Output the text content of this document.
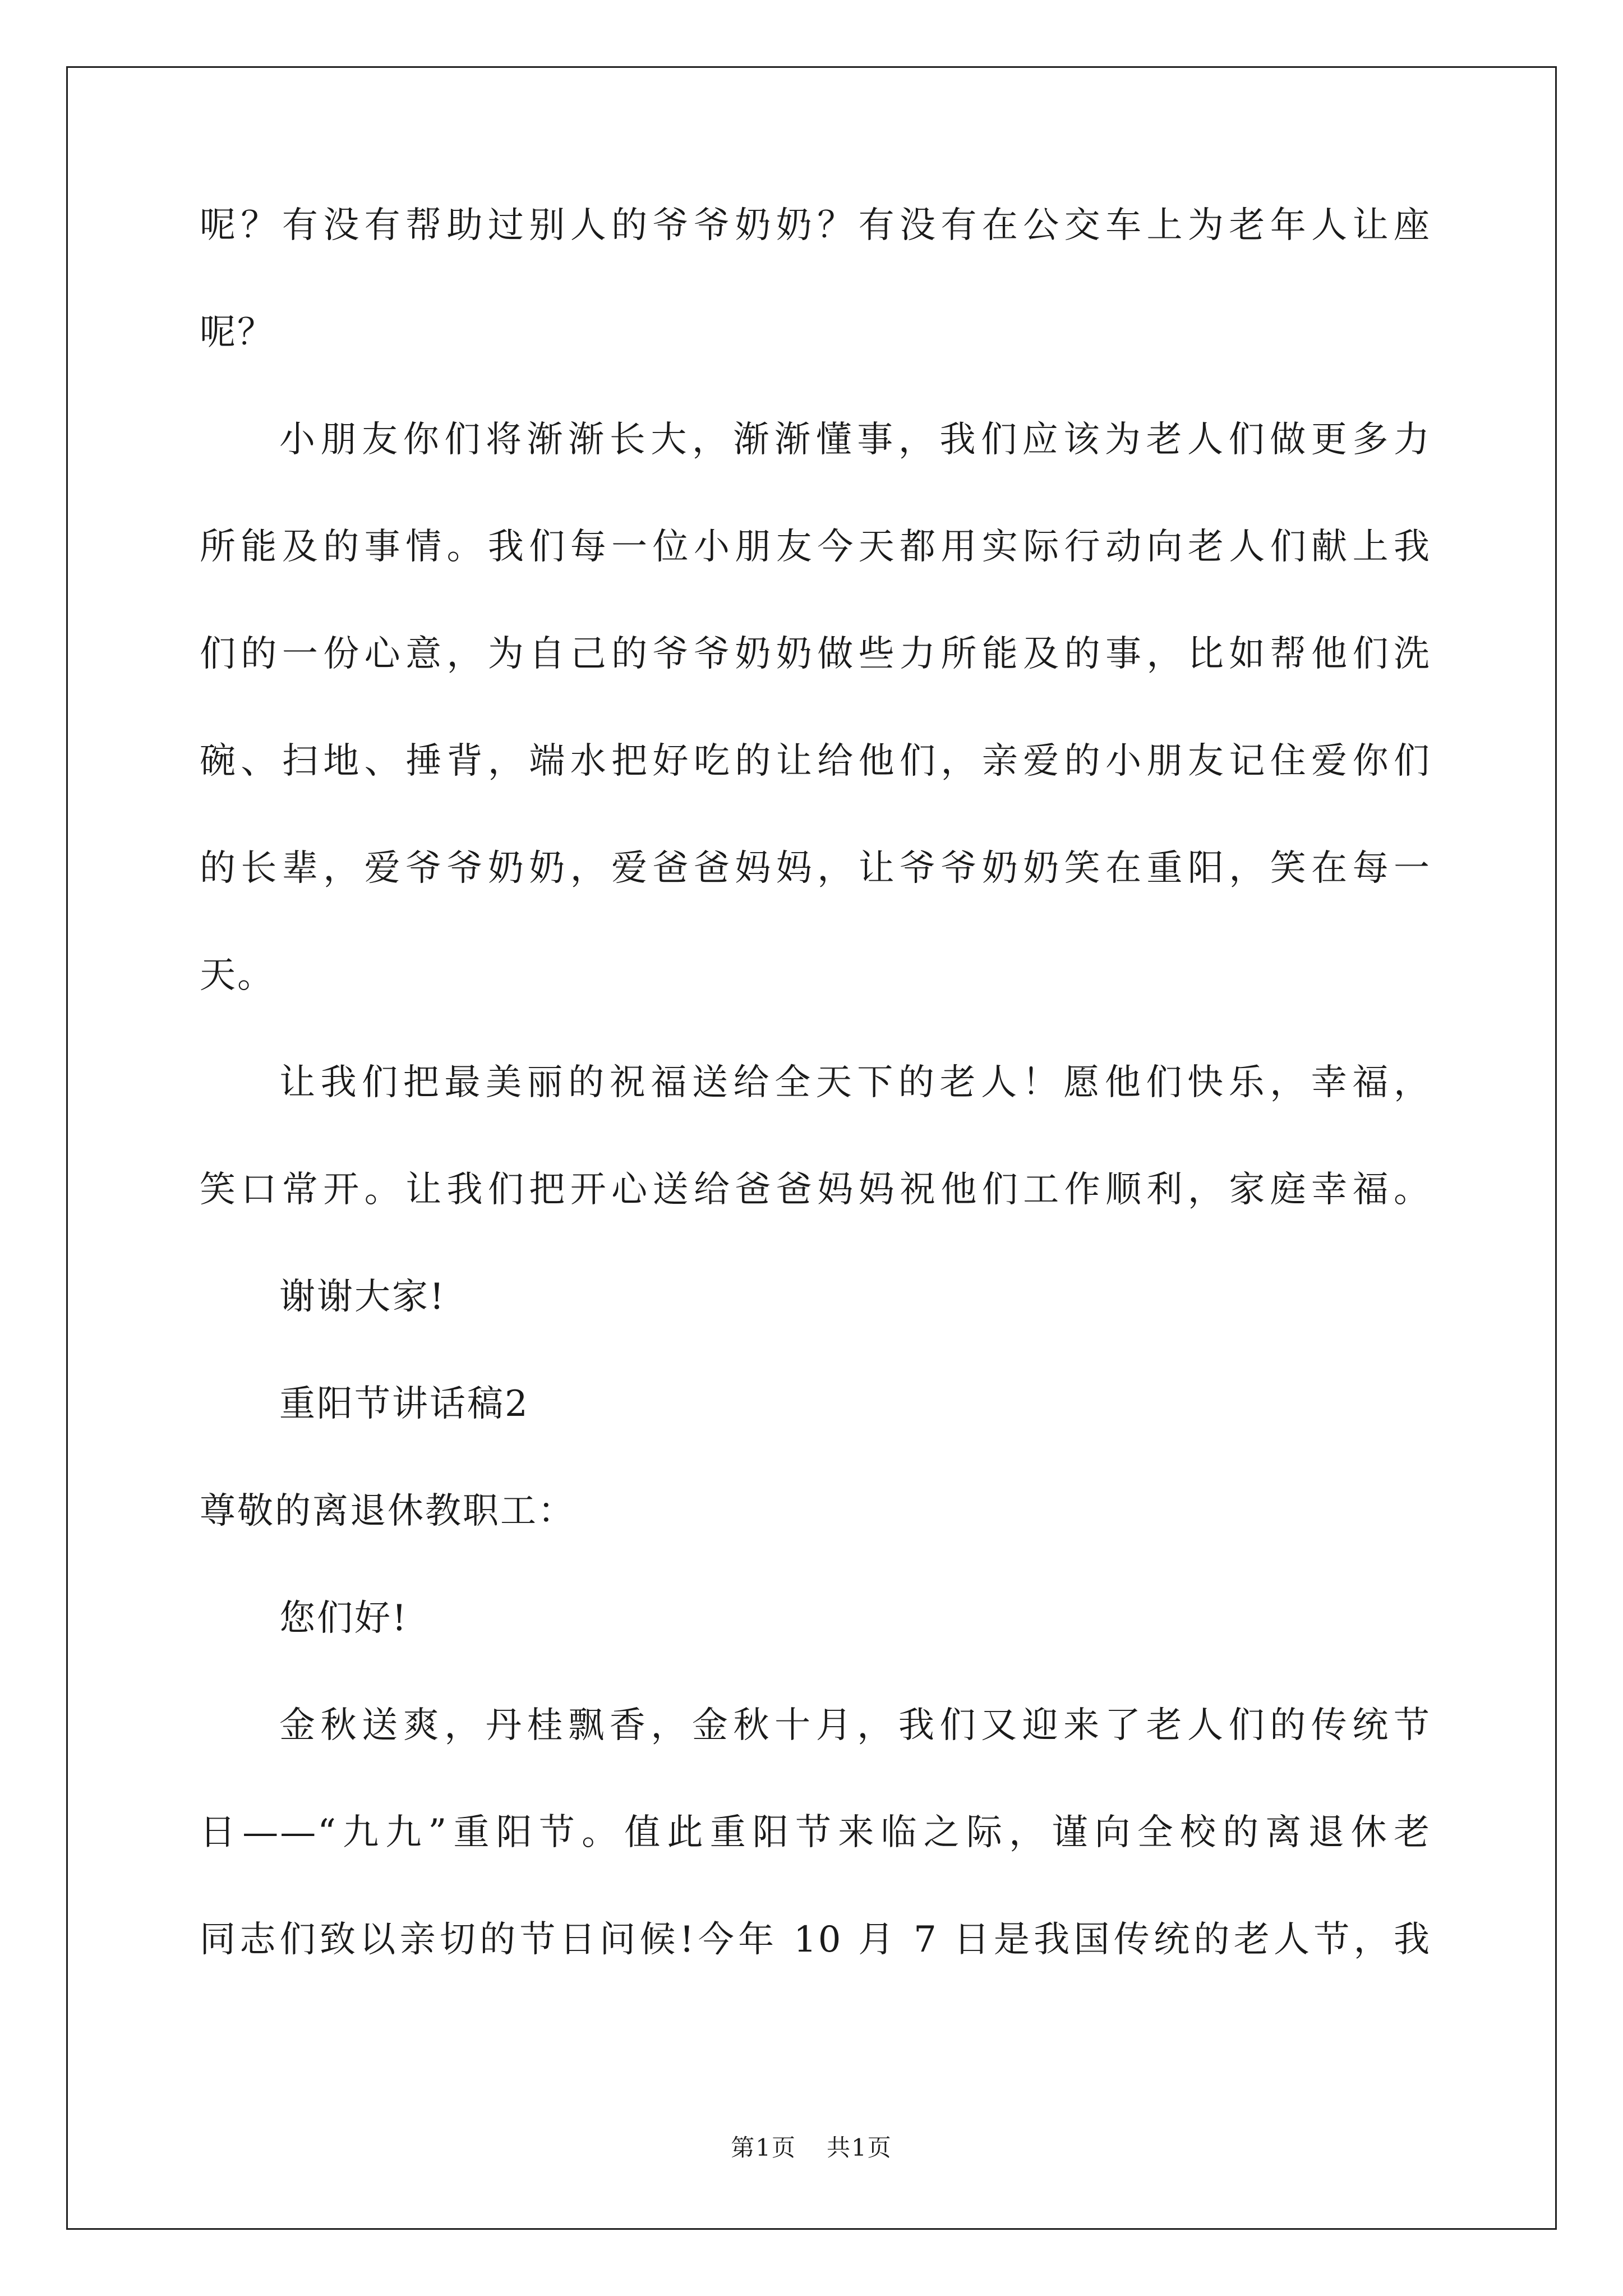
呢？有没有帮助过别人的爷爷奶奶？有没有在公交车上为老年人让座
呢？
小朋友你们将渐渐长大，渐渐懂事，我们应该为老人们做更多力
所能及的事情。我们每一位小朋友今天都用实际行动向老人们献上我
们的一份心意，为自己的爷爷奶奶做些力所能及的事，比如帮他们洗
碗、扫地、捶背，端水把好吃的让给他们，亲爱的小朋友记住爱你们
的长辈，爱爷爷奶奶，爱爸爸妈妈，让爷爷奶奶笑在重阳，笑在每一
天。
让我们把最美丽的祝福送给全天下的老人！愿他们快乐，幸福，
笑口常开。让我们把开心送给爸爸妈妈祝他们工作顺利，家庭幸福。
谢谢大家!
重阳节讲话稿2
尊敬的离退休教职工：
您们好!
金秋送爽，丹桂飘香，金秋十月，我们又迎来了老人们的传统节
日——“九九”重阳节。值此重阳节来临之际，谨向全校的离退休老
同志们致以亲切的节日问候!今年 10 月 7 日是我国传统的老人节，我
第1页 共1页
